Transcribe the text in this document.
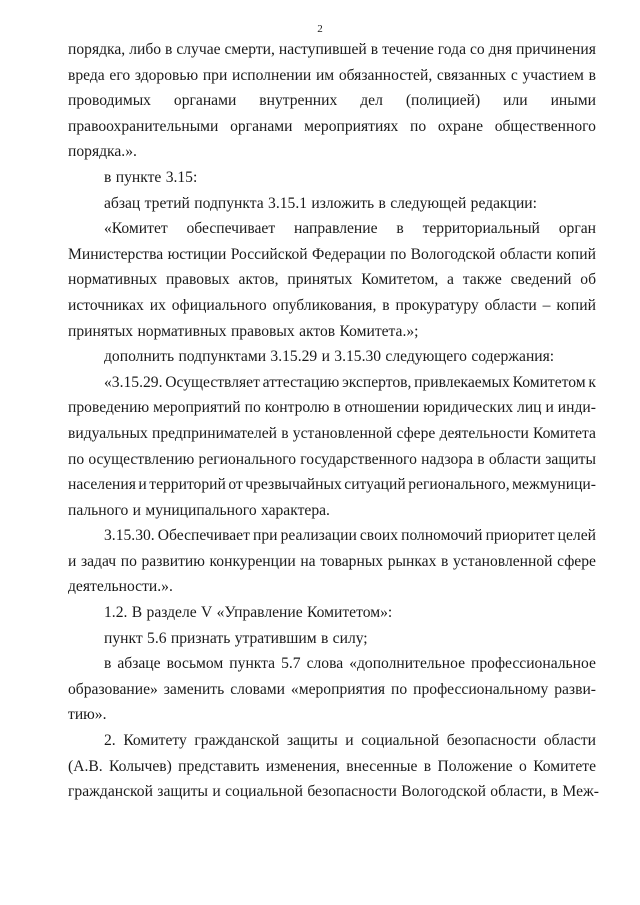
2
порядка, либо в случае смерти, наступившей в течение года со дня причинения
вреда его здоровью при исполнении им обязанностей, связанных с участием в
проводимых органами внутренних дел (полицией) или иными
правоохранительными органами мероприятиях по охране общественного
порядка.».
в пункте 3.15:
абзац третий подпункта 3.15.1 изложить в следующей редакции:
«Комитет обеспечивает направление в территориальный орган
Министерства юстиции Российской Федерации по Вологодской области копий
нормативных правовых актов, принятых Комитетом, а также сведений об
источниках их официального опубликования, в прокуратуру области – копий
принятых нормативных правовых актов Комитета.»;
дополнить подпунктами 3.15.29 и 3.15.30 следующего содержания:
«3.15.29. Осуществляет аттестацию экспертов, привлекаемых Комитетом к
проведению мероприятий по контролю в отношении юридических лиц и инди-
видуальных предпринимателей в установленной сфере деятельности Комитета
по осуществлению регионального государственного надзора в области защиты
населения и территорий от чрезвычайных ситуаций регионального, межмуници-
пального и муниципального характера.
3.15.30. Обеспечивает при реализации своих полномочий приоритет целей
и задач по развитию конкуренции на товарных рынках в установленной сфере
деятельности.».
1.2. В разделе V «Управление Комитетом»:
пункт 5.6 признать утратившим в силу;
в абзаце восьмом пункта 5.7 слова «дополнительное профессиональное
образование» заменить словами «мероприятия по профессиональному разви-
тию».
2. Комитету гражданской защиты и социальной безопасности области
(А.В. Колычев) представить изменения, внесенные в Положение о Комитете
гражданской защиты и социальной безопасности Вологодской области, в Меж-
